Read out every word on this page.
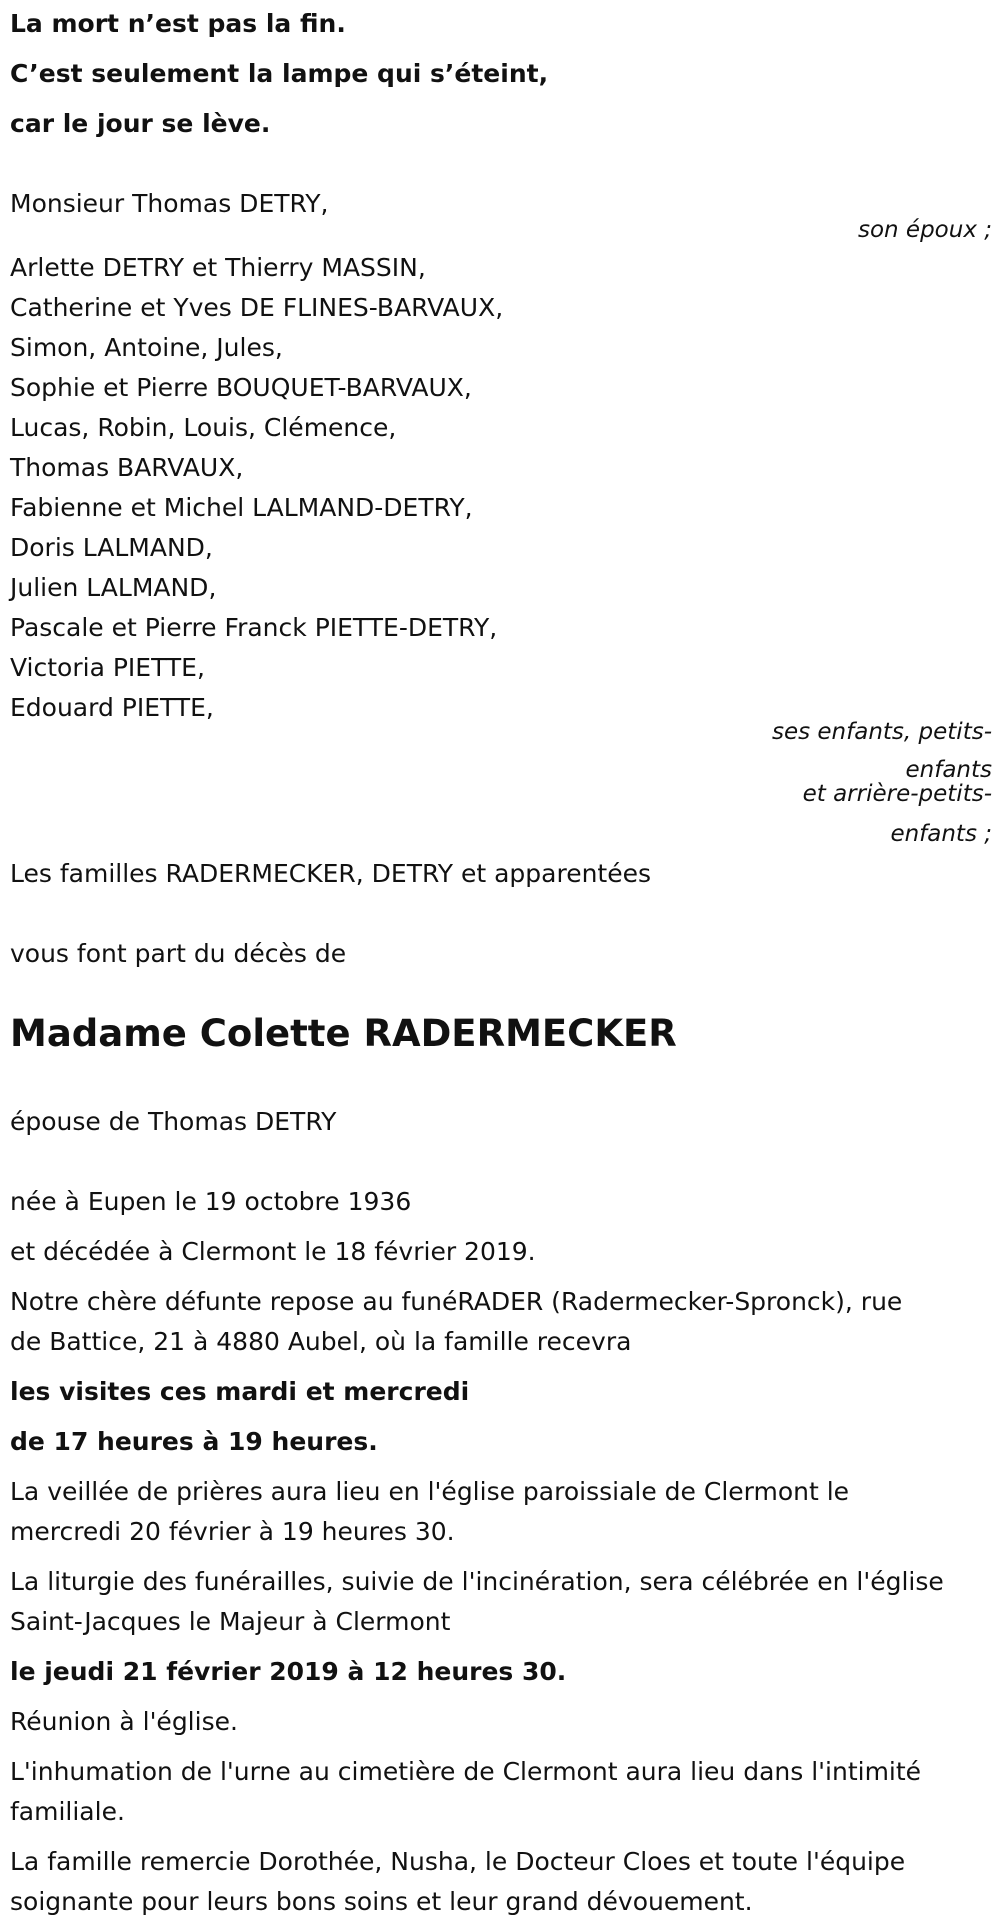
La mort n’est pas la fin.
C’est seulement la lampe qui s’éteint,
car le jour se lève.
Monsieur Thomas DETRY,
son époux ;
Arlette DETRY et Thierry MASSIN,
Catherine et Yves DE FLINES-BARVAUX,
Simon, Antoine, Jules,
Sophie et Pierre BOUQUET-BARVAUX,
Lucas, Robin, Louis, Clémence,
Thomas BARVAUX,
Fabienne et Michel LALMAND-DETRY,
Doris LALMAND,
Julien LALMAND,
Pascale et Pierre Franck PIETTE-DETRY,
Victoria PIETTE,
Edouard PIETTE,
ses enfants, petits-
enfants
et arrière-petits-
enfants ;
Les familles RADERMECKER, DETRY et apparentées
vous font part du décès de
Madame Colette RADERMECKER
épouse de Thomas DETRY
née à Eupen le 19 octobre 1936
et décédée à Clermont le 18 février 2019.
Notre chère défunte repose au funéRADER (Radermecker-Spronck), rue
de Battice, 21 à 4880 Aubel, où la famille recevra
les visites ces mardi et mercredi
de 17 heures à 19 heures.
La veillée de prières aura lieu en l'église paroissiale de Clermont le
mercredi 20 février à 19 heures 30.
La liturgie des funérailles, suivie de l'incinération, sera célébrée en l'église
Saint-Jacques le Majeur à Clermont
le jeudi 21 février 2019 à 12 heures 30.
Réunion à l'église.
L'inhumation de l'urne au cimetière de Clermont aura lieu dans l'intimité
familiale.
La famille remercie Dorothée, Nusha, le Docteur Cloes et toute l'équipe
soignante pour leurs bons soins et leur grand dévouement.
